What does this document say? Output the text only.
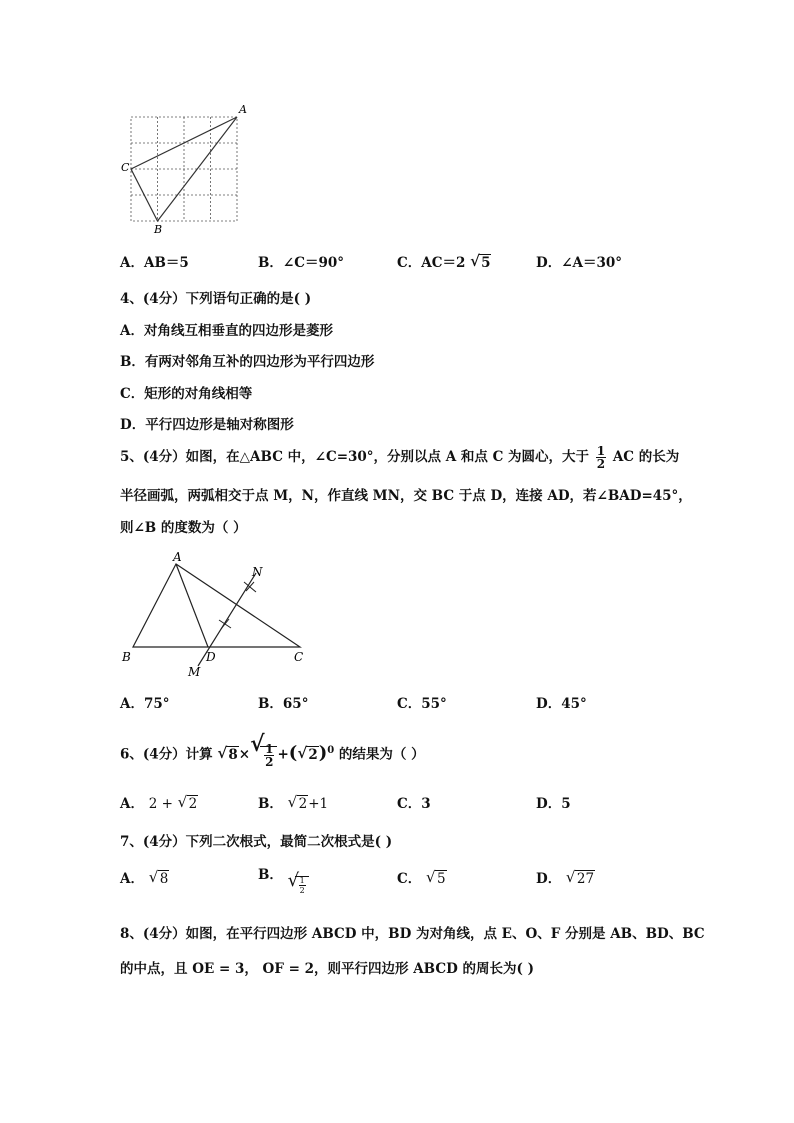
A
C
B
A．AB＝5	B．∠C＝90°	C．AC＝2 √ 5	D．∠A＝30°
4、(4分）下列语句正确的是( )
A．对角线互相垂直的四边形是菱形
B．有两对邻角互补的四边形为平行四边形
C．矩形的对角线相等
D．平行四边形是轴对称图形
5、(4分）如图，在△ABC 中，∠C=30°，分别以点 A 和点 C 为圆心，大于 $\frac{1}{2}$ AC 的长为
半径画弧，两弧相交于点 M，N，作直线 MN，交 BC 于点 D，连接 AD，若∠BAD=45°，
则∠B 的度数为（ ）
A
N
B	D	C
M
A．75°	B．65°	C．55°	D．45°
6、(4分）计算 √ 8× √ $\frac{1}{2}$ +( √ 2)$^0$ 的结果为（ ）
A． 2 + √ 2	B． √ 2+1	C．3	D．5
7、(4分）下列二次根式，最简二次根式是( )
A． √ 8	B． √ $\frac{1}{2}$	C． √ 5	D． √ 27
8、(4分）如图，在平行四边形 ABCD 中，BD 为对角线，点 E、O、F 分别是 AB、BD、BC
的中点，且 OE = 3， OF = 2，则平行四边形 ABCD 的周长为( )
